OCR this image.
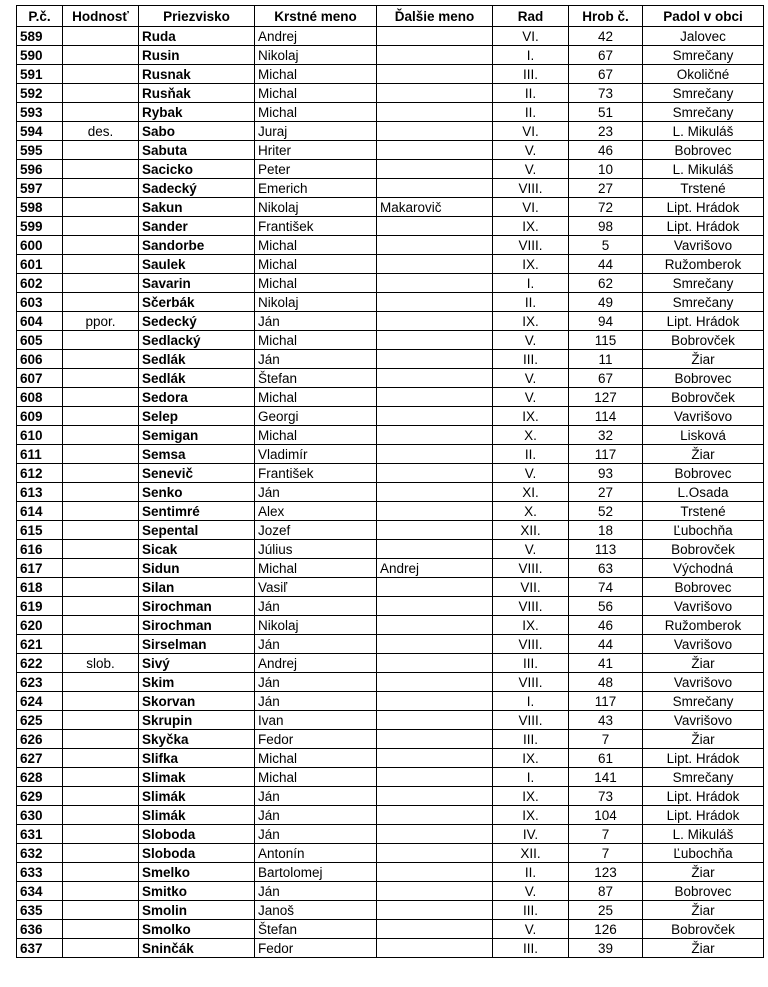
P.č.	Hodnosť	Priezvisko	Krstné meno	Ďalšie meno	Rad	Hrob č.	Padol v obci
589		Ruda	Andrej		VI.	42	Jalovec
590		Rusin	Nikolaj		I.	67	Smrečany
591		Rusnak	Michal		III.	67	Okoličné
592		Rusňak	Michal		II.	73	Smrečany
593		Rybak	Michal		II.	51	Smrečany
594	des.	Sabo	Juraj		VI.	23	L. Mikuláš
595		Sabuta	Hriter		V.	46	Bobrovec
596		Sacicko	Peter		V.	10	L. Mikuláš
597		Sadecký	Emerich		VIII.	27	Trstené
598		Sakun	Nikolaj	Makarovič	VI.	72	Lipt. Hrádok
599		Sander	František		IX.	98	Lipt. Hrádok
600		Sandorbe	Michal		VIII.	5	Vavrišovo
601		Saulek	Michal		IX.	44	Ružomberok
602		Savarin	Michal		I.	62	Smrečany
603		Sčerbák	Nikolaj		II.	49	Smrečany
604	ppor.	Sedecký	Ján		IX.	94	Lipt. Hrádok
605		Sedlacký	Michal		V.	115	Bobrovček
606		Sedlák	Ján		III.	11	Žiar
607		Sedlák	Štefan		V.	67	Bobrovec
608		Sedora	Michal		V.	127	Bobrovček
609		Selep	Georgi		IX.	114	Vavrišovo
610		Semigan	Michal		X.	32	Lisková
611		Semsa	Vladimír		II.	117	Žiar
612		Senevič	František		V.	93	Bobrovec
613		Senko	Ján		XI.	27	L.Osada
614		Sentimré	Alex		X.	52	Trstené
615		Sepental	Jozef		XII.	18	Ľubochňa
616		Sicak	Július		V.	113	Bobrovček
617		Sidun	Michal	Andrej	VIII.	63	Východná
618		Silan	Vasiľ		VII.	74	Bobrovec
619		Sirochman	Ján		VIII.	56	Vavrišovo
620		Sirochman	Nikolaj		IX.	46	Ružomberok
621		Sirselman	Ján		VIII.	44	Vavrišovo
622	slob.	Sivý	Andrej		III.	41	Žiar
623		Skim	Ján		VIII.	48	Vavrišovo
624		Skorvan	Ján		I.	117	Smrečany
625		Skrupin	Ivan		VIII.	43	Vavrišovo
626		Skyčka	Fedor		III.	7	Žiar
627		Slifka	Michal		IX.	61	Lipt. Hrádok
628		Slimak	Michal		I.	141	Smrečany
629		Slimák	Ján		IX.	73	Lipt. Hrádok
630		Slimák	Ján		IX.	104	Lipt. Hrádok
631		Sloboda	Ján		IV.	7	L. Mikuláš
632		Sloboda	Antonín		XII.	7	Ľubochňa
633		Smelko	Bartolomej		II.	123	Žiar
634		Smitko	Ján		V.	87	Bobrovec
635		Smolin	Janoš		III.	25	Žiar
636		Smolko	Štefan		V.	126	Bobrovček
637		Sninčák	Fedor		III.	39	Žiar
